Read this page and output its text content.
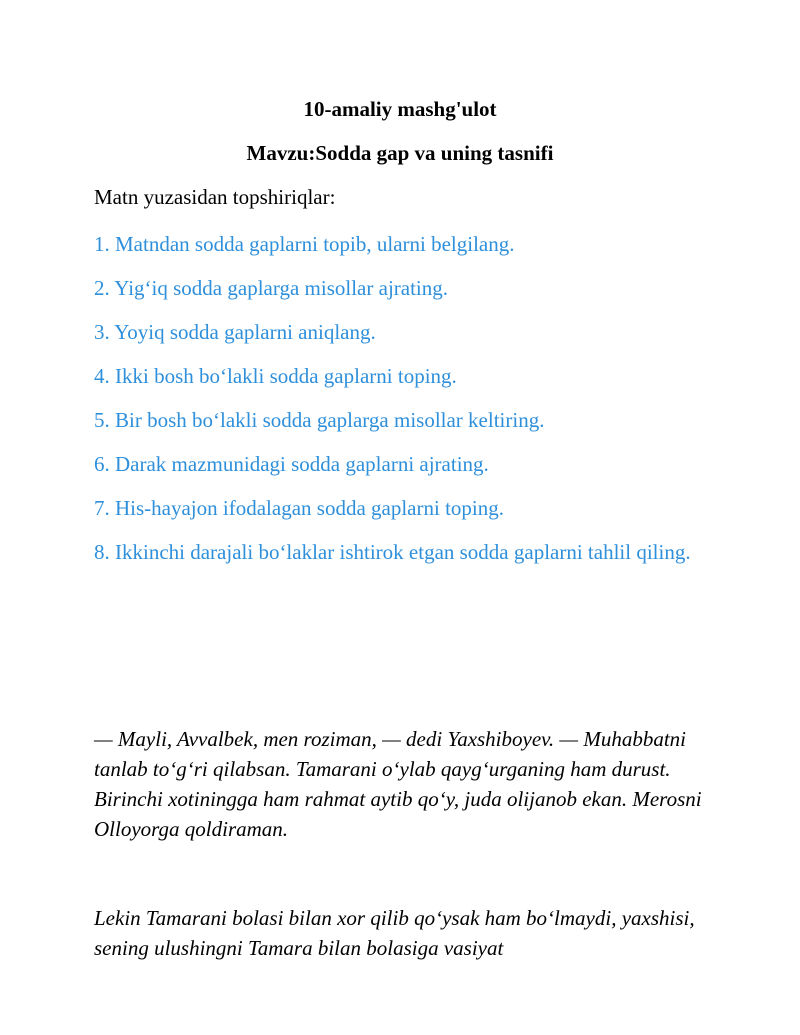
10-amaliy mashg'ulot
Mavzu:Sodda gap va uning tasnifi
Matn yuzasidan topshiriqlar:
1. Matndan sodda gaplarni topib, ularni belgilang.
2. Yig‘iq sodda gaplarga misollar ajrating.
3. Yoyiq sodda gaplarni aniqlang.
4. Ikki bosh bo‘lakli sodda gaplarni toping.
5. Bir bosh bo‘lakli sodda gaplarga misollar keltiring.
6. Darak mazmunidagi sodda gaplarni ajrating.
7. His-hayajon ifodalagan sodda gaplarni toping.
8. Ikkinchi darajali bo‘laklar ishtirok etgan sodda gaplarni tahlil qiling.

— Mayli, Avvalbek, men roziman, — dedi Yaxshiboyev. — Muhabbatni tanlab to‘g‘ri qilabsan. Tamarani o‘ylab qayg‘urganing ham durust. Birinchi xotiningga ham rahmat aytib qo‘y, juda olijanob ekan. Merosni Olloyorga qoldiraman.

Lekin Tamarani bolasi bilan xor qilib qo‘ysak ham bo‘lmaydi, yaxshisi, sening ulushingni Tamara bilan bolasiga vasiyat
